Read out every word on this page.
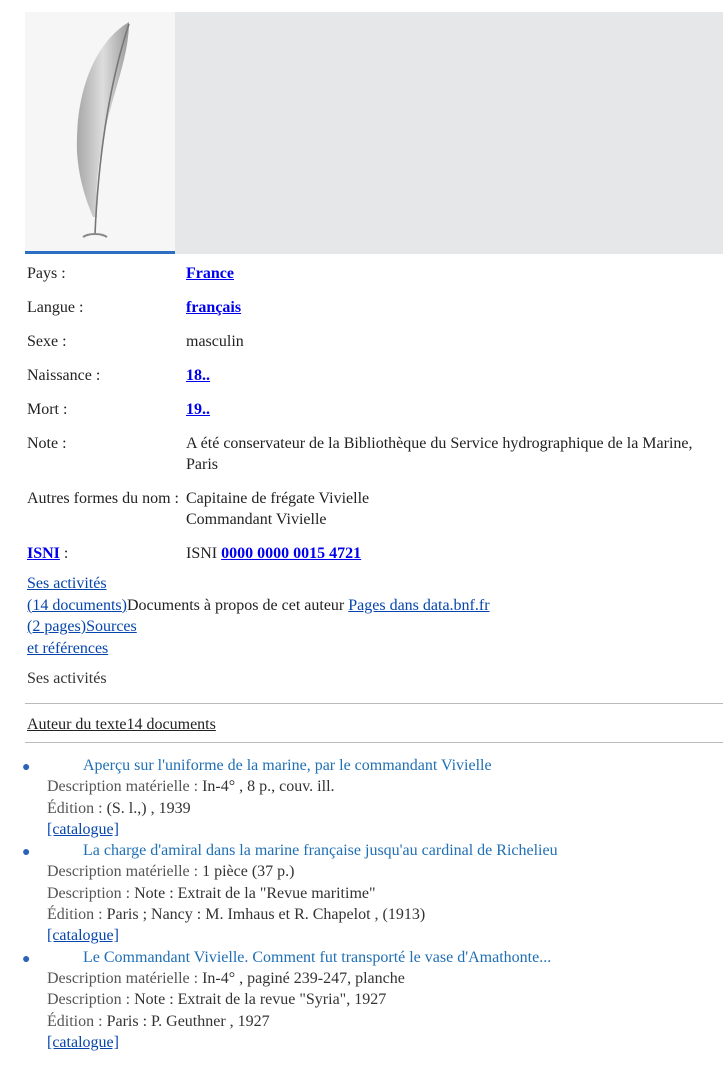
Pays :	France
Langue :	français
Sexe :	masculin
Naissance :	18..
Mort :	19..
Note :	A été conservateur de la Bibliothèque du Service hydrographique de la Marine, Paris
Autres formes du nom :	Capitaine de frégate Vivielle
Commandant Vivielle

ISNI :	ISNI 0000 0000 0015 4721
Ses activités
(14 documents)Documents à propos de cet auteur Pages dans data.bnf.fr
(2 pages)Sources
et références
Ses activités
Auteur du texte14 documents
●	Aperçu sur l'uniforme de la marine, par le commandant Vivielle
Description matérielle : In-4° , 8 p., couv. ill.
Édition : (S. l.,) , 1939
[catalogue]
●	La charge d'amiral dans la marine française jusqu'au cardinal de Richelieu
Description matérielle : 1 pièce (37 p.)
Description : Note : Extrait de la "Revue maritime"
Édition : Paris ; Nancy : M. Imhaus et R. Chapelot , (1913)
[catalogue]
●	Le Commandant Vivielle. Comment fut transporté le vase d'Amathonte...
Description matérielle : In-4° , paginé 239-247, planche
Description : Note : Extrait de la revue "Syria", 1927
Édition : Paris : P. Geuthner , 1927
[catalogue]
